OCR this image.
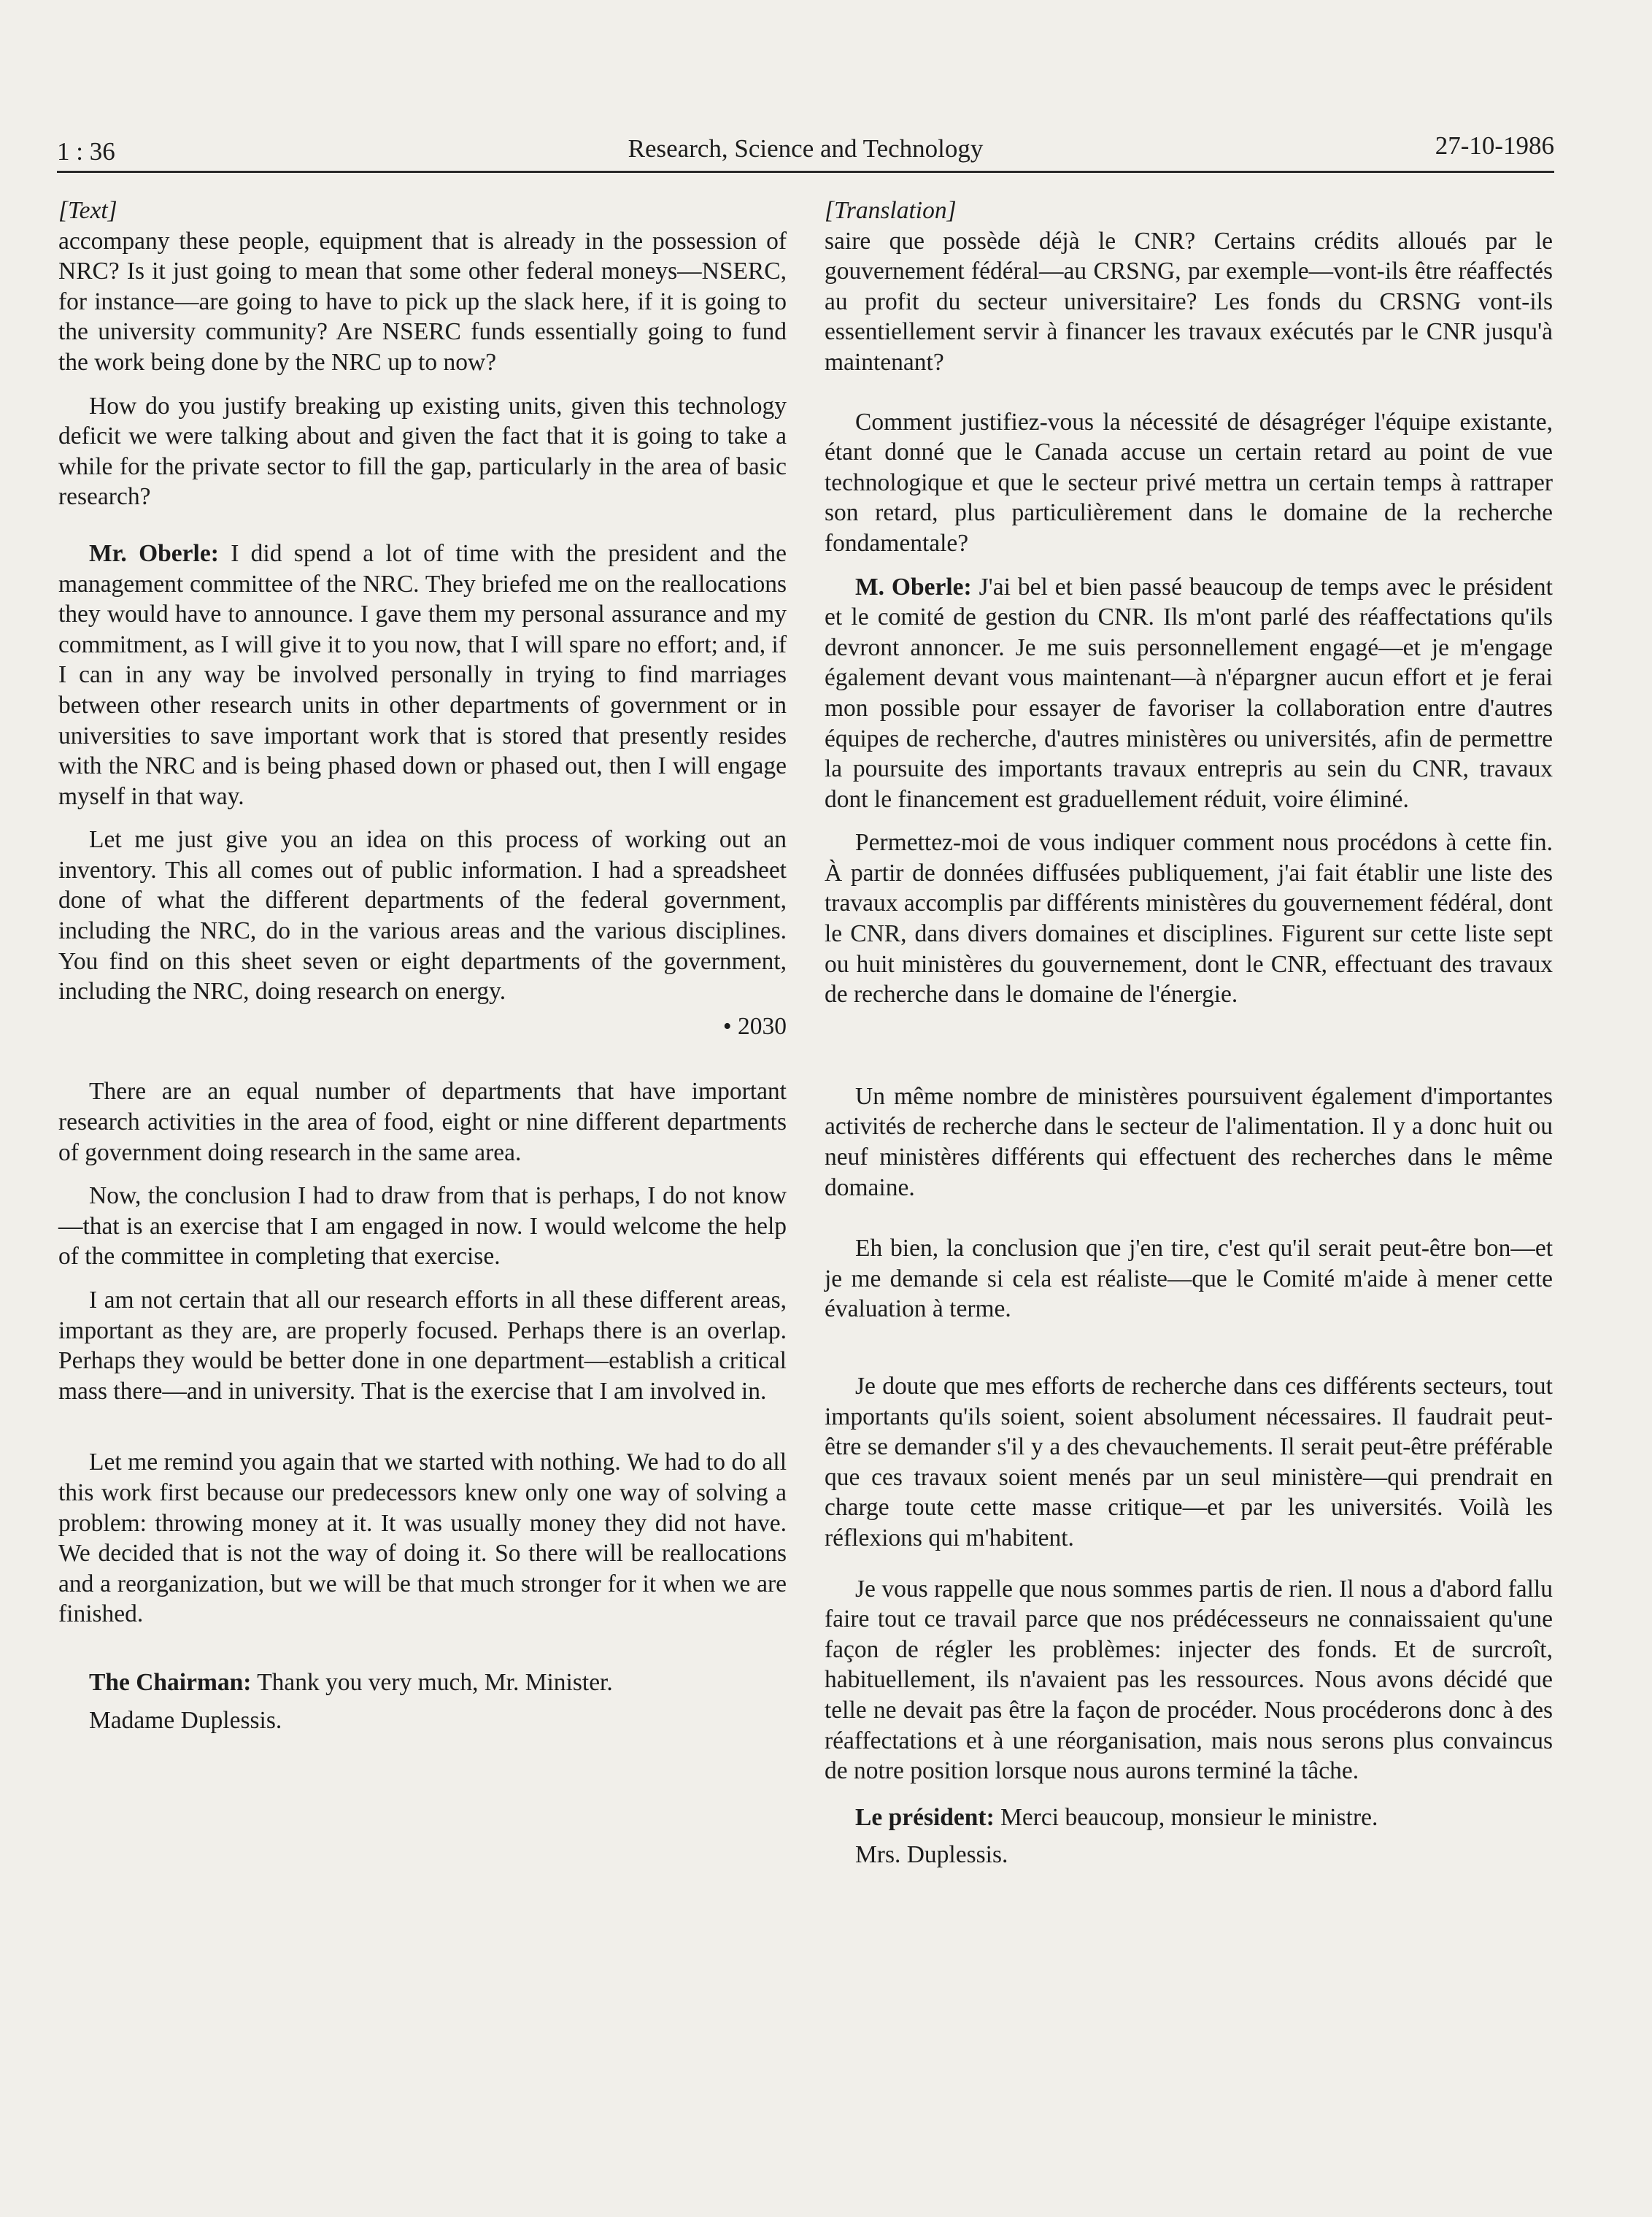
1 : 36	Research, Science and Technology	27-10-1986
[Text]

accompany these people, equipment that is already in the possession of NRC? Is it just going to mean that some other federal moneys—NSERC, for instance—are going to have to pick up the slack here, if it is going to the university community? Are NSERC funds essentially going to fund the work being done by the NRC up to now?

How do you justify breaking up existing units, given this technology deficit we were talking about and given the fact that it is going to take a while for the private sector to fill the gap, particularly in the area of basic research?

Mr. Oberle: I did spend a lot of time with the president and the management committee of the NRC. They briefed me on the reallocations they would have to announce. I gave them my personal assurance and my commitment, as I will give it to you now, that I will spare no effort; and, if I can in any way be involved personally in trying to find marriages between other research units in other departments of government or in universities to save important work that is stored that presently resides with the NRC and is being phased down or phased out, then I will engage myself in that way.

Let me just give you an idea on this process of working out an inventory. This all comes out of public information. I had a spreadsheet done of what the different departments of the federal government, including the NRC, do in the various areas and the various disciplines. You find on this sheet seven or eight departments of the government, including the NRC, doing research on energy.

• 2030

There are an equal number of departments that have important research activities in the area of food, eight or nine different departments of government doing research in the same area.

Now, the conclusion I had to draw from that is perhaps, I do not know—that is an exercise that I am engaged in now. I would welcome the help of the committee in completing that exercise.

I am not certain that all our research efforts in all these different areas, important as they are, are properly focused. Perhaps there is an overlap. Perhaps they would be better done in one department—establish a critical mass there—and in university. That is the exercise that I am involved in.

Let me remind you again that we started with nothing. We had to do all this work first because our predecessors knew only one way of solving a problem: throwing money at it. It was usually money they did not have. We decided that is not the way of doing it. So there will be reallocations and a reorganization, but we will be that much stronger for it when we are finished.

The Chairman: Thank you very much, Mr. Minister.

Madame Duplessis.

[Translation]

saire que possède déjà le CNR? Certains crédits alloués par le gouvernement fédéral—au CRSNG, par exemple—vont-ils être réaffectés au profit du secteur universitaire? Les fonds du CRSNG vont-ils essentiellement servir à financer les travaux exécutés par le CNR jusqu'à maintenant?

Comment justifiez-vous la nécessité de désagréger l'équipe existante, étant donné que le Canada accuse un certain retard au point de vue technologique et que le secteur privé mettra un certain temps à rattraper son retard, plus particulièrement dans le domaine de la recherche fondamentale?

M. Oberle: J'ai bel et bien passé beaucoup de temps avec le président et le comité de gestion du CNR. Ils m'ont parlé des réaffectations qu'ils devront annoncer. Je me suis personnellement engagé—et je m'engage également devant vous maintenant—à n'épargner aucun effort et je ferai mon possible pour essayer de favoriser la collaboration entre d'autres équipes de recherche, d'autres ministères ou universités, afin de permettre la poursuite des importants travaux entrepris au sein du CNR, travaux dont le financement est graduellement réduit, voire éliminé.

Permettez-moi de vous indiquer comment nous procédons à cette fin. À partir de données diffusées publiquement, j'ai fait établir une liste des travaux accomplis par différents ministères du gouvernement fédéral, dont le CNR, dans divers domaines et disciplines. Figurent sur cette liste sept ou huit ministères du gouvernement, dont le CNR, effectuant des travaux de recherche dans le domaine de l'énergie.

Un même nombre de ministères poursuivent également d'importantes activités de recherche dans le secteur de l'alimentation. Il y a donc huit ou neuf ministères différents qui effectuent des recherches dans le même domaine.

Eh bien, la conclusion que j'en tire, c'est qu'il serait peut-être bon—et je me demande si cela est réaliste—que le Comité m'aide à mener cette évaluation à terme.

Je doute que mes efforts de recherche dans ces différents secteurs, tout importants qu'ils soient, soient absolument nécessaires. Il faudrait peut-être se demander s'il y a des chevauchements. Il serait peut-être préférable que ces travaux soient menés par un seul ministère—qui prendrait en charge toute cette masse critique—et par les universités. Voilà les réflexions qui m'habitent.

Je vous rappelle que nous sommes partis de rien. Il nous a d'abord fallu faire tout ce travail parce que nos prédécesseurs ne connaissaient qu'une façon de régler les problèmes: injecter des fonds. Et de surcroît, habituellement, ils n'avaient pas les ressources. Nous avons décidé que telle ne devait pas être la façon de procéder. Nous procéderons donc à des réaffectations et à une réorganisation, mais nous serons plus convaincus de notre position lorsque nous aurons terminé la tâche.

Le président: Merci beaucoup, monsieur le ministre.

Mrs. Duplessis.
